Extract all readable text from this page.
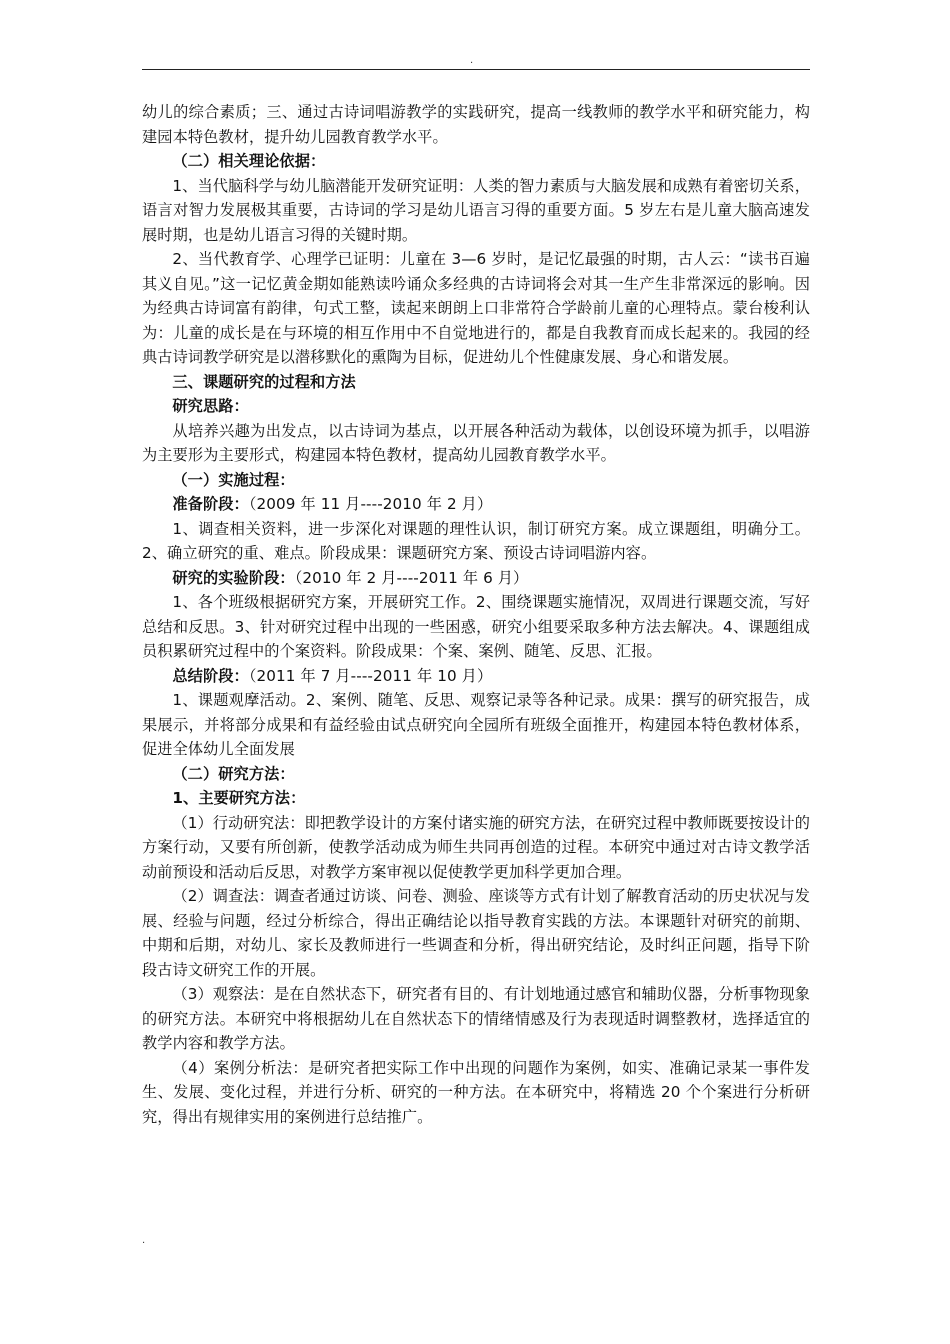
.

幼儿的综合素质；三、通过古诗词唱游教学的实践研究，提高一线教师的教学水平和研究能力，构建园本特色教材，提升幼儿园教育教学水平。

（二）相关理论依据：

1、当代脑科学与幼儿脑潜能开发研究证明：人类的智力素质与大脑发展和成熟有着密切关系，语言对智力发展极其重要，古诗词的学习是幼儿语言习得的重要方面。5 岁左右是儿童大脑高速发展时期，也是幼儿语言习得的关键时期。

2、当代教育学、心理学已证明：儿童在 3—6 岁时，是记忆最强的时期，古人云：“读书百遍其义自见。”这一记忆黄金期如能熟读吟诵众多经典的古诗词将会对其一生产生非常深远的影响。因为经典古诗词富有韵律，句式工整，读起来朗朗上口非常符合学龄前儿童的心理特点。蒙台梭利认为：儿童的成长是在与环境的相互作用中不自觉地进行的，都是自我教育而成长起来的。我园的经典古诗词教学研究是以潜移默化的熏陶为目标，促进幼儿个性健康发展、身心和谐发展。

三、课题研究的过程和方法

研究思路：

从培养兴趣为出发点，以古诗词为基点，以开展各种活动为载体，以创设环境为抓手，以唱游为主要形为主要形式，构建园本特色教材，提高幼儿园教育教学水平。

（一）实施过程：

准备阶段：（2009 年 11 月----2010 年 2 月）

1、调查相关资料，进一步深化对课题的理性认识，制订研究方案。成立课题组，明确分工。2、确立研究的重、难点。阶段成果：课题研究方案、预设古诗词唱游内容。

研究的实验阶段：（2010 年 2 月----2011 年 6 月）

1、各个班级根据研究方案，开展研究工作。2、围绕课题实施情况，双周进行课题交流，写好总结和反思。3、针对研究过程中出现的一些困惑，研究小组要采取多种方法去解决。4、课题组成员积累研究过程中的个案资料。阶段成果：个案、案例、随笔、反思、汇报。

总结阶段：（2011 年 7 月----2011 年 10 月）

1、课题观摩活动。2、案例、随笔、反思、观察记录等各种记录。成果：撰写的研究报告，成果展示，并将部分成果和有益经验由试点研究向全园所有班级全面推开，构建园本特色教材体系，促进全体幼儿全面发展

（二）研究方法：

1、主要研究方法：

（1）行动研究法：即把教学设计的方案付诸实施的研究方法，在研究过程中教师既要按设计的方案行动，又要有所创新，使教学活动成为师生共同再创造的过程。本研究中通过对古诗文教学活动前预设和活动后反思，对教学方案审视以促使教学更加科学更加合理。

（2）调查法：调查者通过访谈、问卷、测验、座谈等方式有计划了解教育活动的历史状况与发展、经验与问题，经过分析综合，得出正确结论以指导教育实践的方法。本课题针对研究的前期、中期和后期，对幼儿、家长及教师进行一些调查和分析，得出研究结论，及时纠正问题，指导下阶段古诗文研究工作的开展。

（3）观察法：是在自然状态下，研究者有目的、有计划地通过感官和辅助仪器，分析事物现象的研究方法。本研究中将根据幼儿在自然状态下的情绪情感及行为表现适时调整教材，选择适宜的教学内容和教学方法。

（4）案例分析法：是研究者把实际工作中出现的问题作为案例，如实、准确记录某一事件发生、发展、变化过程，并进行分析、研究的一种方法。在本研究中，将精选 20 个个案进行分析研究，得出有规律实用的案例进行总结推广。

.
